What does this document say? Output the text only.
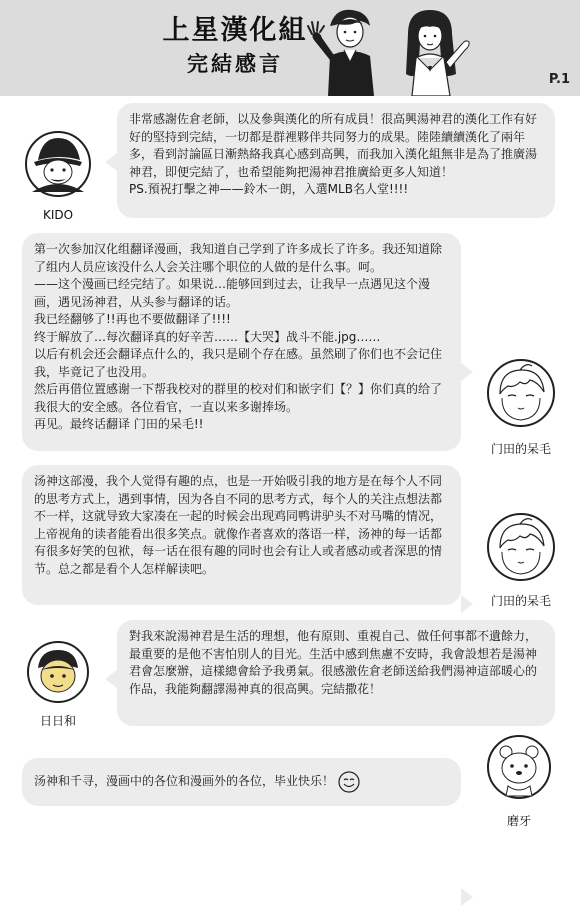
上星漢化組
完結感言
P.1
KIDO

非常感謝佐倉老師，以及參與漢化的所有成員！很高興湯神君的漢化工作有好好的堅持到完結，一切都是群裡夥伴共同努力的成果。陸陸續續漢化了兩年多，看到討論區日漸熱絡我真心感到高興，而我加入漢化組無非是為了推廣湯神君，即便完結了，也希望能夠把湯神君推廣給更多人知道！
PS.預祝打擊之神——鈴木一朗，入選MLB名人堂!!!!

第一次参加汉化组翻译漫画，我知道自己学到了许多成长了许多。我还知道除了组内人员应该没什么人会关注哪个职位的人做的是什么事。呵。
——这个漫画已经完结了。如果说…能够回到过去，让我早一点遇见这个漫画，遇见汤神君，从头参与翻译的话。
我已经翻够了!!再也不要做翻译了!!!!
终于解放了…每次翻译真的好辛苦……【大哭】战斗不能.jpg……
以后有机会还会翻译点什么的，我只是刷个存在感。虽然刷了你们也不会记住我，毕竟记了也没用。
然后再借位置感谢一下帮我校对的群里的校对们和嵌字们【？】你们真的给了我很大的安全感。各位看官，一直以来多谢捧场。
再见。最终话翻译 门田的呆毛!!

门田的呆毛

汤神这部漫，我个人觉得有趣的点，也是一开始吸引我的地方是在每个人不同的思考方式上，遇到事情，因为各自不同的思考方式，每个人的关注点想法都不一样，这就导致大家凑在一起的时候会出现鸡同鸭讲驴头不对马嘴的情况，上帝视角的读者能看出很多笑点。就像作者喜欢的落语一样，汤神的每一话都有很多好笑的包袱，每一话在很有趣的同时也会有让人或者感动或者深思的情节。总之都是看个人怎样解读吧。

门田的呆毛
日日和

對我來說湯神君是生活的理想，他有原則、重視自己、做任何事都不遺餘力，最重要的是他不害怕別人的目光。生活中感到焦慮不安時，我會設想若是湯神君會怎麼辦，這樣總會給予我勇氣。很感激佐倉老師送給我們湯神這部暖心的作品，我能夠翻譯湯神真的很高興。完結撒花！

汤神和千寻，漫画中的各位和漫画外的各位，毕业快乐！

磨牙
